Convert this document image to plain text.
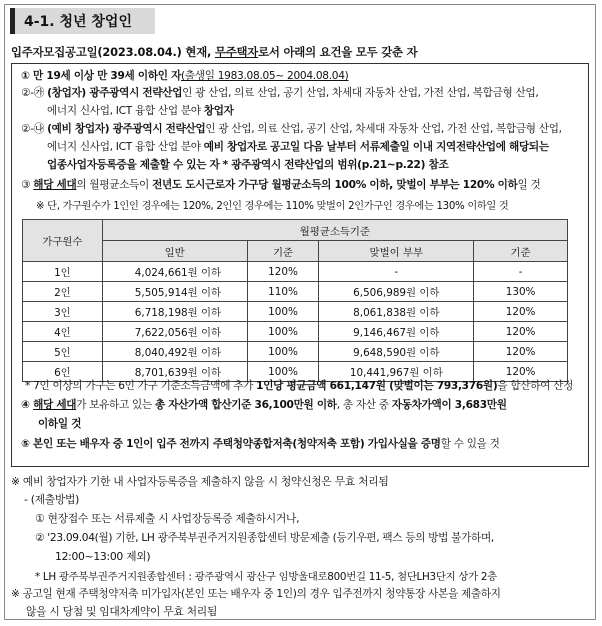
4-1. 청년 창업인
입주자모집공고일(2023.08.04.) 현재, 무주택자로서 아래의 요건을 모두 갖춘 자
① 만 19세 이상 만 39세 이하인 자(출생일 1983.08.05~ 2004.08.04)
②-㉮ (창업자) 광주광역시 전략산업인 광 산업, 의료 산업, 공기 산업, 차세대 자동차 산업, 가전 산업, 복합금형 산업,
에너지 신사업, ICT 융합 산업 분야 창업자
②-㉯ (예비 창업자) 광주광역시 전략산업인 광 산업, 의료 산업, 공기 산업, 차세대 자동차 산업, 가전 산업, 복합금형 산업,
에너지 신사업, ICT 융합 산업 분야 예비 창업자로 공고일 다음 날부터 서류제출일 이내 지역전략산업에 해당되는
업종사업자등록증을 제출할 수 있는 자 * 광주광역시 전략산업의 범위(p.21~p.22) 참조
③ 해당 세대의 월평균소득이 전년도 도시근로자 가구당 월평균소득의 100% 이하, 맞벌이 부부는 120% 이하일 것
※ 단, 가구원수가 1인인 경우에는 120%, 2인인 경우에는 110% 맞벌이 2인가구인 경우에는 130% 이하일 것
가구원수	월평균소득기준			
	일반	기준	맞벌이 부부	기준
1인	4,024,661원 이하	120%	-	-
2인	5,505,914원 이하	110%	6,506,989원 이하	130%
3인	6,718,198원 이하	100%	8,061,838원 이하	120%
4인	7,622,056원 이하	100%	9,146,467원 이하	120%
5인	8,040,492원 이하	100%	9,648,590원 이하	120%
6인	8,701,639원 이하	100%	10,441,967원 이하	120%
* 7인 이상의 가구는 6인 가구 기준소득금액에 추가 1인당 평균금액 661,147원 (맞벌이는 793,376원)을 합산하여 산정
④ 해당 세대가 보유하고 있는 총 자산가액 합산기준 36,100만원 이하, 총 자산 중 자동차가액이 3,683만원
이하일 것
⑤ 본인 또는 배우자 중 1인이 입주 전까지 주택청약종합저축(청약저축 포함) 가입사실을 증명할 수 있을 것
※ 예비 창업자가 기한 내 사업자등록증을 제출하지 않을 시 청약신청은 무효 처리됨
- (제출방법)
① 현장접수 또는 서류제출 시 사업장등록증 제출하시거나,
② '23.09.04(월) 기한, LH 광주북부권주거지원종합센터 방문제출 (등기우편, 팩스 등의 방법 불가하며,
12:00~13:00 제외)
* LH 광주북부권주거지원종합센터 : 광주광역시 광산구 임방울대로800번길 11-5, 첨단LH3단지 상가 2층
※ 공고일 현재 주택청약저축 미가입자(본인 또는 배우자 중 1인)의 경우 입주전까지 청약통장 사본을 제출하지
않을 시 당첨 및 임대차계약이 무효 처리됨
